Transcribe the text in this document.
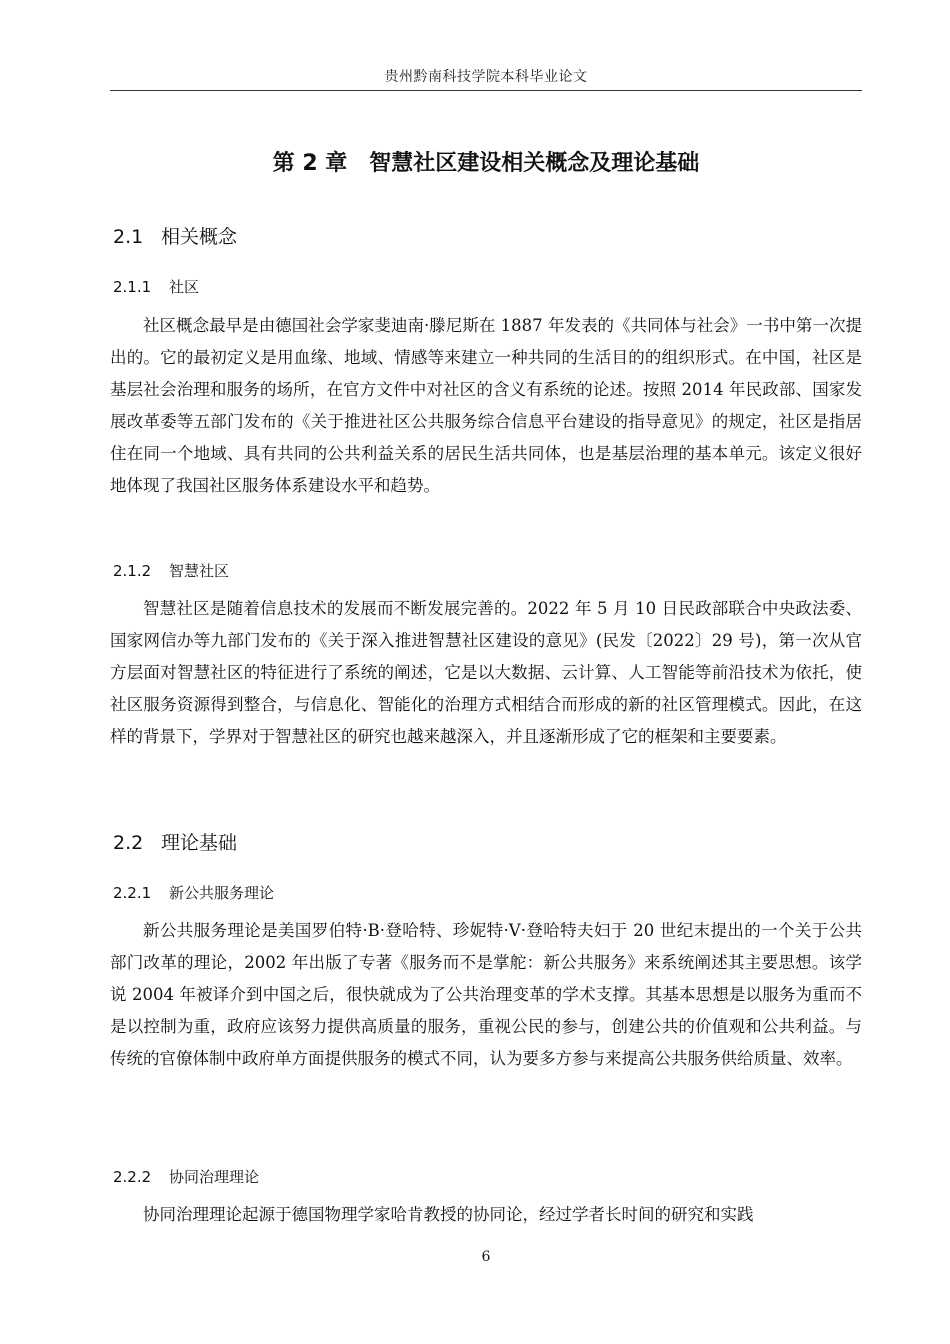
贵州黔南科技学院本科毕业论文
第 2 章　智慧社区建设相关概念及理论基础
2.1 相关概念
2.1.1 社区

社区概念最早是由德国社会学家斐迪南·滕尼斯在 1887 年发表的《共同体与社会》一书中第一次提出的。它的最初定义是用血缘、地域、情感等来建立一种共同的生活目的的组织形式。在中国，社区是基层社会治理和服务的场所，在官方文件中对社区的含义有系统的论述。按照 2014 年民政部、国家发展改革委等五部门发布的《关于推进社区公共服务综合信息平台建设的指导意见》的规定，社区是指居住在同一个地域、具有共同的公共利益关系的居民生活共同体，也是基层治理的基本单元。该定义很好地体现了我国社区服务体系建设水平和趋势。

2.1.2 智慧社区

智慧社区是随着信息技术的发展而不断发展完善的。2022 年 5 月 10 日民政部联合中央政法委、国家网信办等九部门发布的《关于深入推进智慧社区建设的意见》(民发〔2022〕29 号)，第一次从官方层面对智慧社区的特征进行了系统的阐述，它是以大数据、云计算、人工智能等前沿技术为依托，使社区服务资源得到整合，与信息化、智能化的治理方式相结合而形成的新的社区管理模式。因此，在这样的背景下，学界对于智慧社区的研究也越来越深入，并且逐渐形成了它的框架和主要要素。

2.2 理论基础
2.2.1 新公共服务理论

新公共服务理论是美国罗伯特·B·登哈特、珍妮特·V·登哈特夫妇于 20 世纪末提出的一个关于公共部门改革的理论，2002 年出版了专著《服务而不是掌舵：新公共服务》来系统阐述其主要思想。该学说 2004 年被译介到中国之后，很快就成为了公共治理变革的学术支撑。其基本思想是以服务为重而不是以控制为重，政府应该努力提供高质量的服务，重视公民的参与，创建公共的价值观和公共利益。与传统的官僚体制中政府单方面提供服务的模式不同，认为要多方参与来提高公共服务供给质量、效率。

2.2.2 协同治理理论

协同治理理论起源于德国物理学家哈肯教授的协同论，经过学者长时间的研究和实践

6
